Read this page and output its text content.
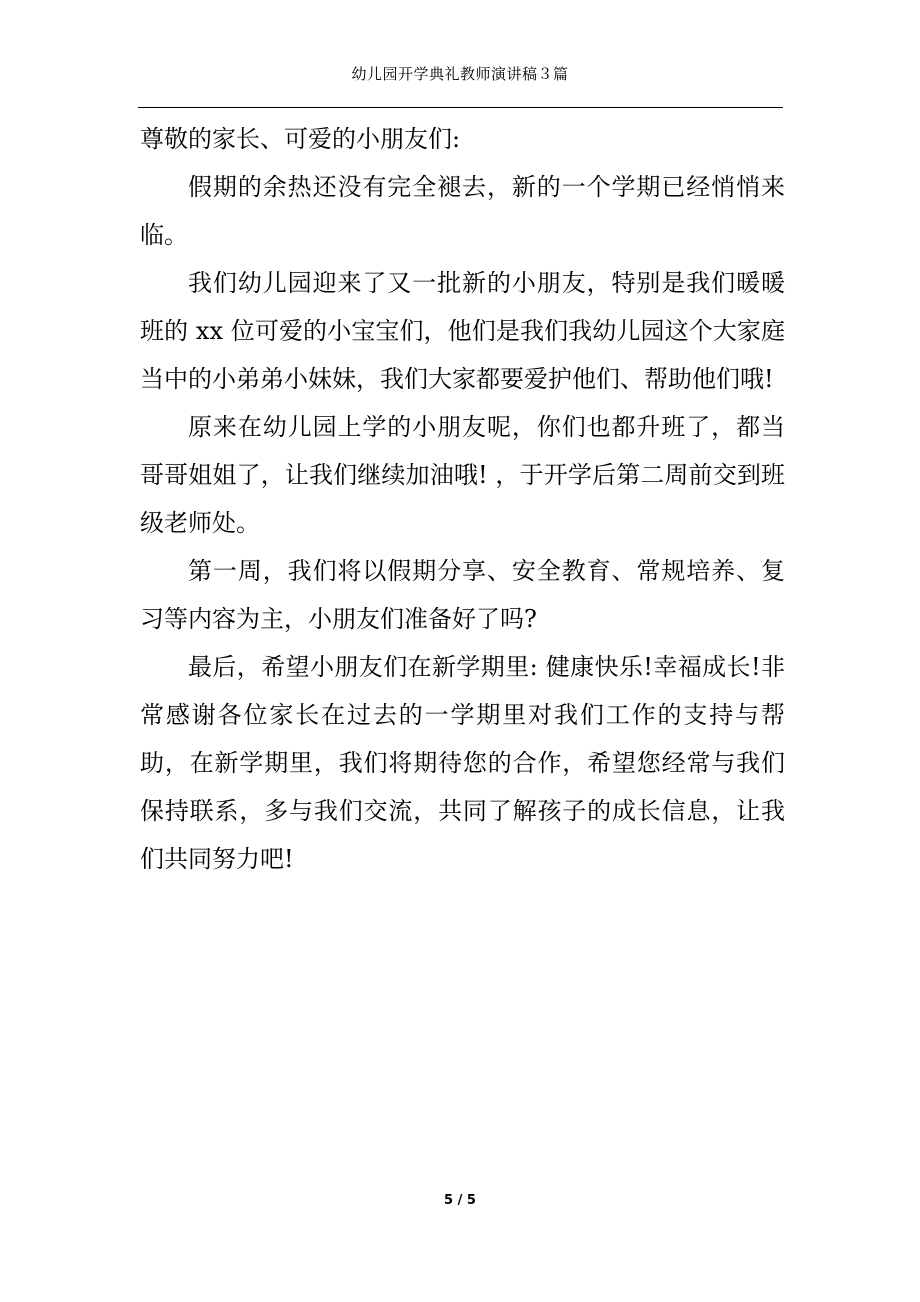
幼儿园开学典礼教师演讲稿３篇

尊敬的家长、可爱的小朋友们:

假期的余热还没有完全褪去，新的一个学期已经悄悄来临。

我们幼儿园迎来了又一批新的小朋友，特别是我们暖暖班的 xx 位可爱的小宝宝们，他们是我们我幼儿园这个大家庭当中的小弟弟小妹妹，我们大家都要爱护他们、帮助他们哦!

原来在幼儿园上学的小朋友呢，你们也都升班了，都当哥哥姐姐了，让我们继续加油哦! ，于开学后第二周前交到班级老师处。

第一周，我们将以假期分享、安全教育、常规培养、复习等内容为主，小朋友们准备好了吗?

最后，希望小朋友们在新学期里: 健康快乐!幸福成长!非常感谢各位家长在过去的一学期里对我们工作的支持与帮助，在新学期里，我们将期待您的合作，希望您经常与我们保持联系，多与我们交流，共同了解孩子的成长信息，让我们共同努力吧!

5 / 5
